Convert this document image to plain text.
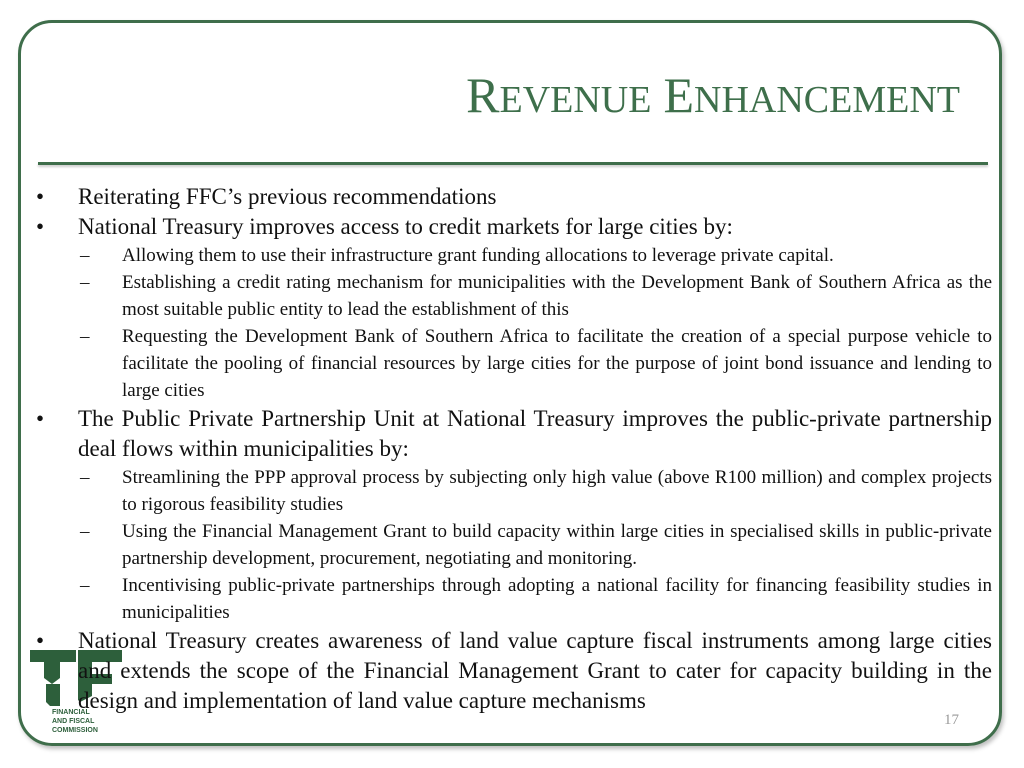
REVENUE ENHANCEMENT
FINANCIAL
AND FISCAL
COMMISSION
• Reiterating FFC’s previous recommendations
• National Treasury improves access to credit markets for large cities by:
– Allowing them to use their infrastructure grant funding allocations to leverage private capital.
– Establishing a credit rating mechanism for municipalities with the Development Bank of Southern Africa as the most suitable public entity to lead the establishment of this
– Requesting the Development Bank of Southern Africa to facilitate the creation of a special purpose vehicle to facilitate the pooling of financial resources by large cities for the purpose of joint bond issuance and lending to large cities
• The Public Private Partnership Unit at National Treasury improves the public-private partnership deal flows within municipalities by:
– Streamlining the PPP approval process by subjecting only high value (above R100 million) and complex projects to rigorous feasibility studies
– Using the Financial Management Grant to build capacity within large cities in specialised skills in public-private partnership development, procurement, negotiating and monitoring.
– Incentivising public-private partnerships through adopting a national facility for financing feasibility studies in municipalities
• National Treasury creates awareness of land value capture fiscal instruments among large cities and extends the scope of the Financial Management Grant to cater for capacity building in the design and implementation of land value capture mechanisms
17
